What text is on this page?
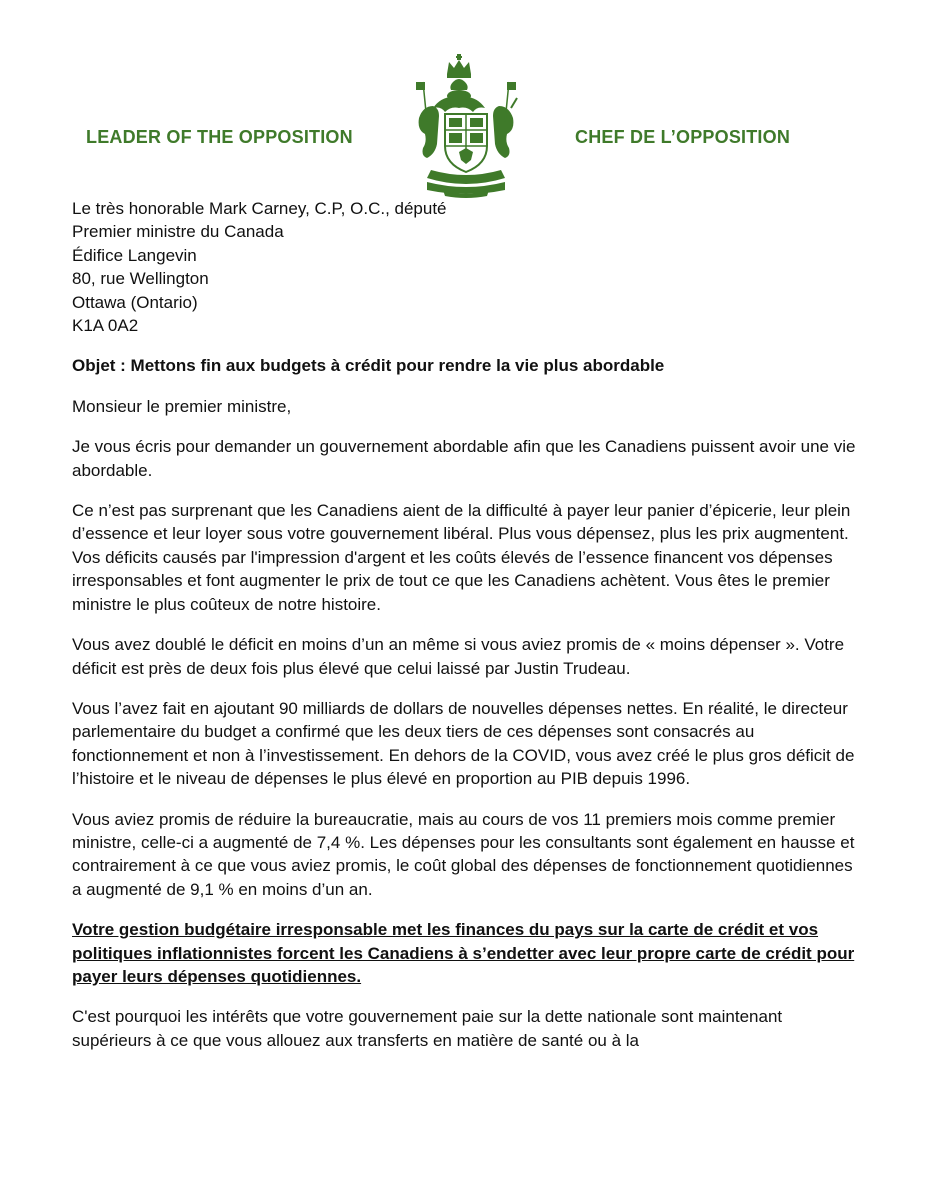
LEADER OF THE OPPOSITION	CHEF DE L’OPPOSITION
Le très honorable Mark Carney, C.P, O.C., député
Premier ministre du Canada
Édifice Langevin
80, rue Wellington
Ottawa (Ontario)
K1A 0A2
Objet : Mettons fin aux budgets à crédit pour rendre la vie plus abordable
Monsieur le premier ministre,
Je vous écris pour demander un gouvernement abordable afin que les Canadiens puissent avoir une vie abordable.
Ce n’est pas surprenant que les Canadiens aient de la difficulté à payer leur panier d’épicerie, leur plein d’essence et leur loyer sous votre gouvernement libéral. Plus vous dépensez, plus les prix augmentent. Vos déficits causés par l'impression d'argent et les coûts élevés de l’essence financent vos dépenses irresponsables et font augmenter le prix de tout ce que les Canadiens achètent. Vous êtes le premier ministre le plus coûteux de notre histoire.
Vous avez doublé le déficit en moins d’un an même si vous aviez promis de « moins dépenser ». Votre déficit est près de deux fois plus élevé que celui laissé par Justin Trudeau.
Vous l’avez fait en ajoutant 90 milliards de dollars de nouvelles dépenses nettes. En réalité, le directeur parlementaire du budget a confirmé que les deux tiers de ces dépenses sont consacrés au fonctionnement et non à l’investissement. En dehors de la COVID, vous avez créé le plus gros déficit de l’histoire et le niveau de dépenses le plus élevé en proportion au PIB depuis 1996.
Vous aviez promis de réduire la bureaucratie, mais au cours de vos 11 premiers mois comme premier ministre, celle-ci a augmenté de 7,4 %. Les dépenses pour les consultants sont également en hausse et contrairement à ce que vous aviez promis, le coût global des dépenses de fonctionnement quotidiennes a augmenté de 9,1 % en moins d’un an.
Votre gestion budgétaire irresponsable met les finances du pays sur la carte de crédit et vos politiques inflationnistes forcent les Canadiens à s’endetter avec leur propre carte de crédit pour payer leurs dépenses quotidiennes.
C'est pourquoi les intérêts que votre gouvernement paie sur la dette nationale sont maintenant supérieurs à ce que vous allouez aux transferts en matière de santé ou à la
